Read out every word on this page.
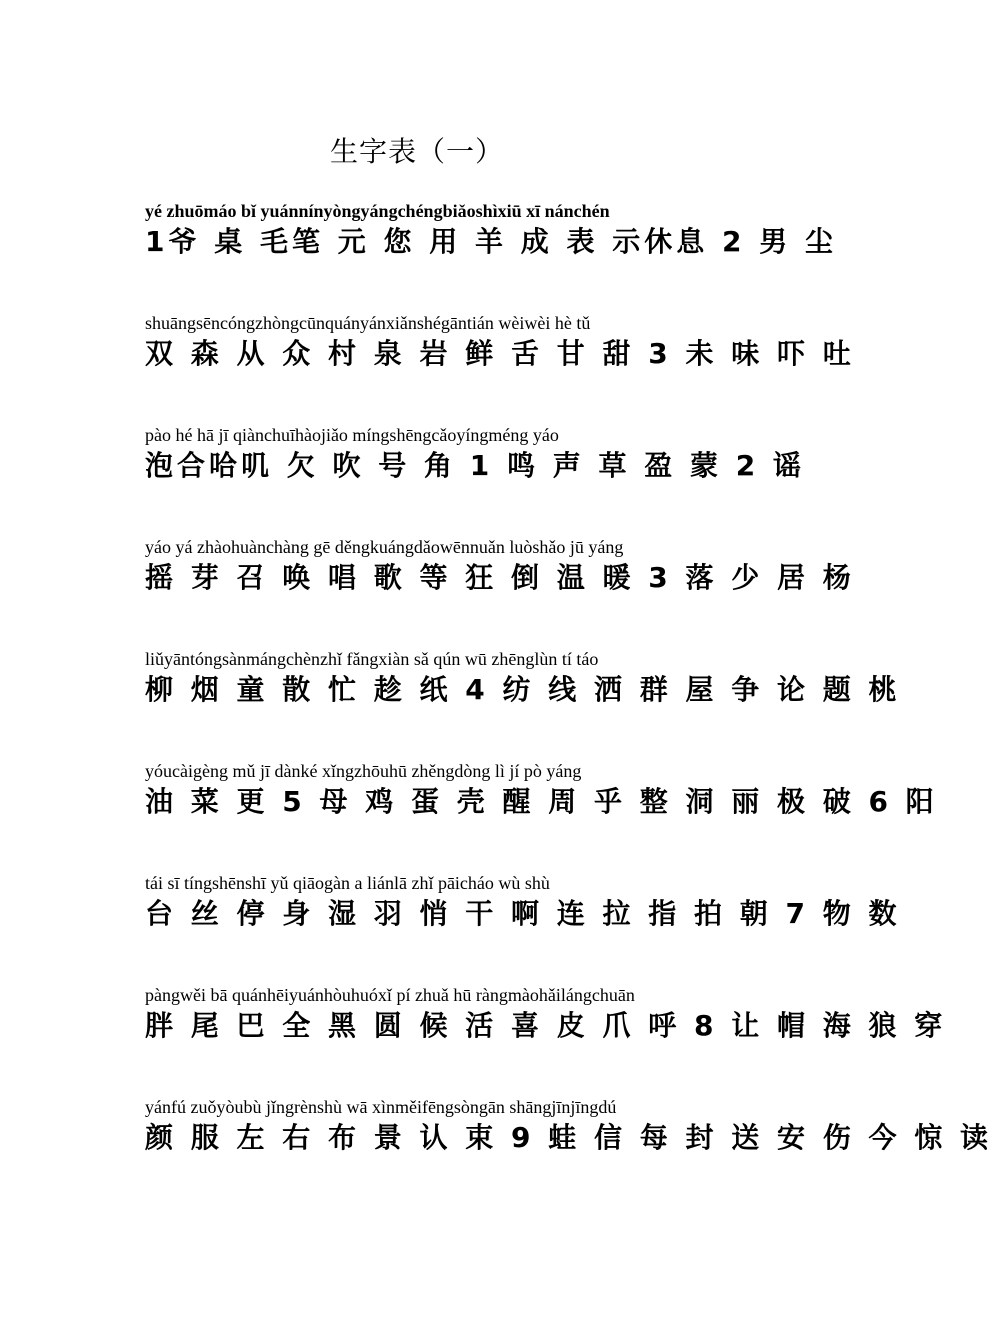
生字表（一）
yé zhuōmáo bǐ yuánnínyòngyángchéngbiǎoshìxiū xī nánchén
1爷 桌 毛笔 元 您 用 羊 成 表 示休息 2 男 尘
shuāngsēncóngzhòngcūnquányánxiǎnshégāntián wèiwèi hè tǔ
双 森 从 众 村 泉 岩 鲜 舌 甘 甜 3 未 味 吓 吐
pào hé hā jī qiànchuīhàojiǎo míngshēngcǎoyíngméng yáo
泡合哈叽 欠 吹 号 角 1 鸣 声 草 盈 蒙 2 谣
yáo yá zhàohuànchàng gē děngkuángdǎowēnnuǎn luòshǎo jū yáng
摇 芽 召 唤 唱 歌 等 狂 倒 温 暖 3 落 少 居 杨
liǔyāntóngsànmángchènzhǐ fǎngxiàn sǎ qún wū zhēnglùn tí táo
柳 烟 童 散 忙 趁 纸 4 纺 线 洒 群 屋 争 论 题 桃
yóucàigèng mǔ jī dànké xǐngzhōuhū zhěngdòng lì jí pò yáng
油 菜 更 5 母 鸡 蛋 壳 醒 周 乎 整 洞 丽 极 破 6 阳
tái sī tíngshēnshī yǔ qiāogàn a liánlā zhǐ pāicháo wù shù
台 丝 停 身 湿 羽 悄 干 啊 连 拉 指 拍 朝 7 物 数
pàngwěi bā quánhēiyuánhòuhuóxǐ pí zhuǎ hū ràngmàohǎilángchuān
胖 尾 巴 全 黑 圆 候 活 喜 皮 爪 呼 8 让 帽 海 狼 穿
yánfú zuǒyòubù jǐngrènshù wā xìnměifēngsòngān shāngjīnjīngdú
颜 服 左 右 布 景 认 束 9 蛙 信 每 封 送 安 伤 今 惊 读
